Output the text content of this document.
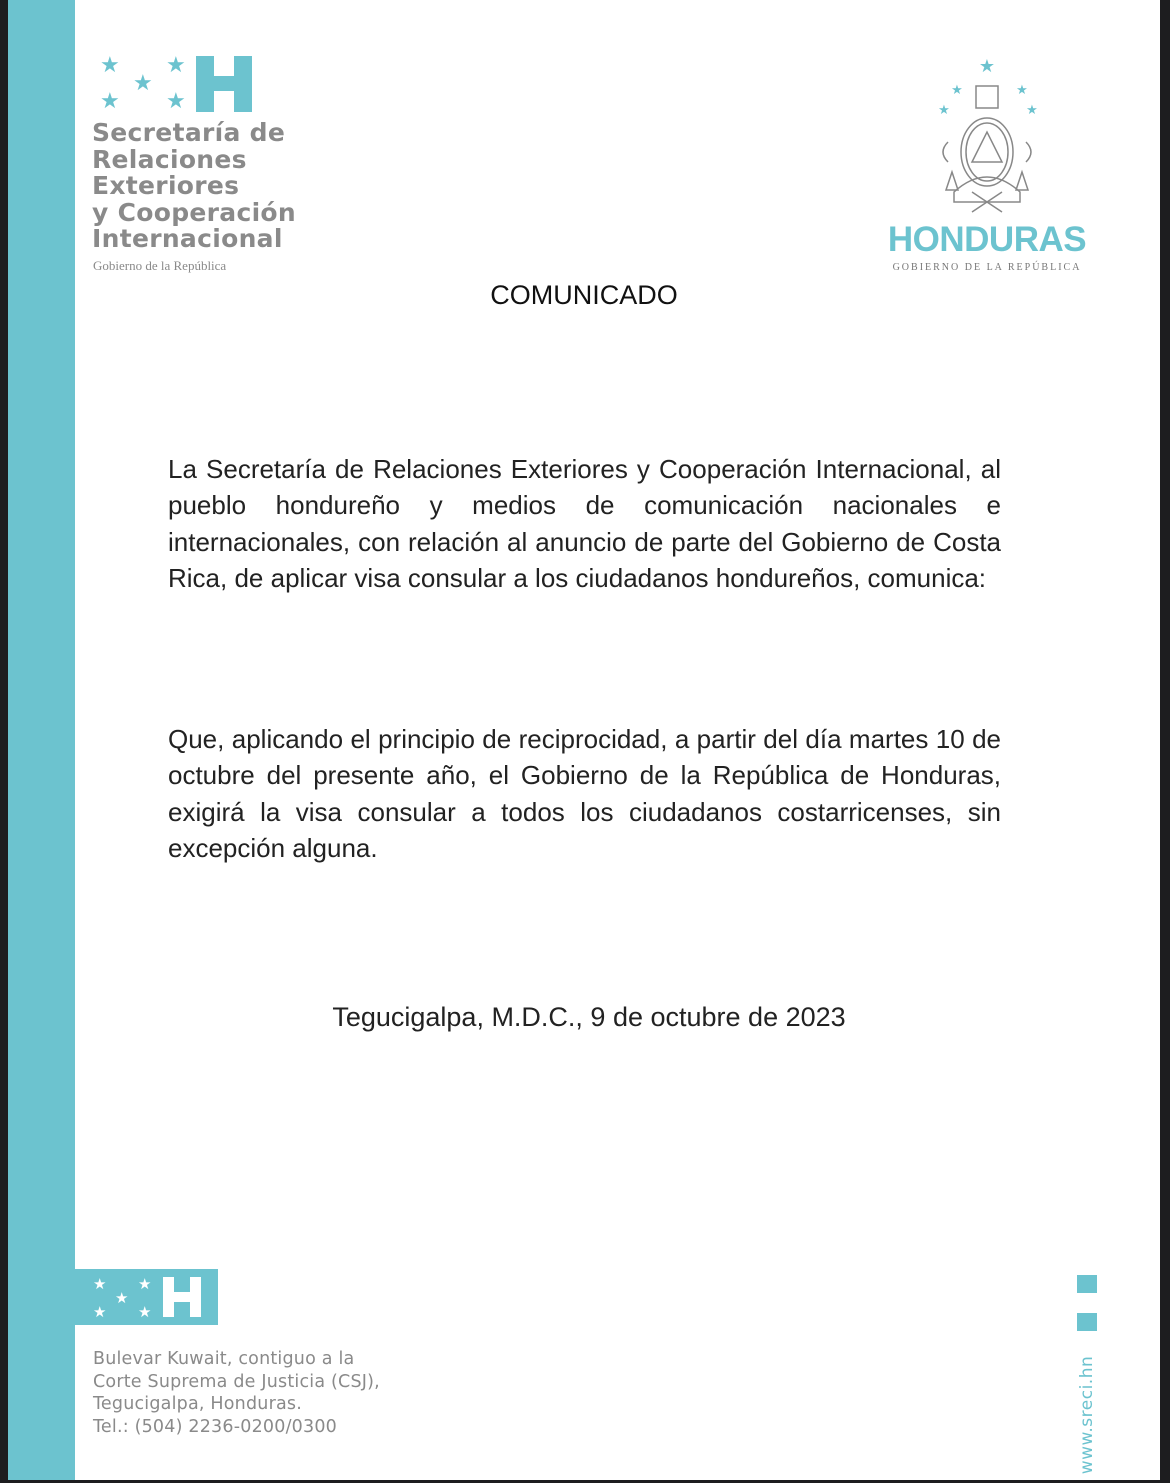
★ ★
★
★ ★
Secretaría de
Relaciones
Exteriores
y Cooperación
Internacional
Gobierno de la República
★
★	★
★	★
HONDURAS
GOBIERNO DE LA REPÚBLICA
COMUNICADO
La Secretaría de Relaciones Exteriores y Cooperación Internacional, al pueblo hondureño y medios de comunicación nacionales e internacionales, con relación al anuncio de parte del Gobierno de Costa Rica, de aplicar visa consular a los ciudadanos hondureños, comunica:
Que, aplicando el principio de reciprocidad, a partir del día martes 10 de octubre del presente año, el Gobierno de la República de Honduras, exigirá la visa consular a todos los ciudadanos costarricenses, sin excepción alguna.
Tegucigalpa, M.D.C., 9 de octubre de 2023
★ ★
★
★ ★
Bulevar Kuwait, contiguo a la
Corte Suprema de Justicia (CSJ),
Tegucigalpa, Honduras.
Tel.: (504) 2236-0200/0300	www.sreci.hn
